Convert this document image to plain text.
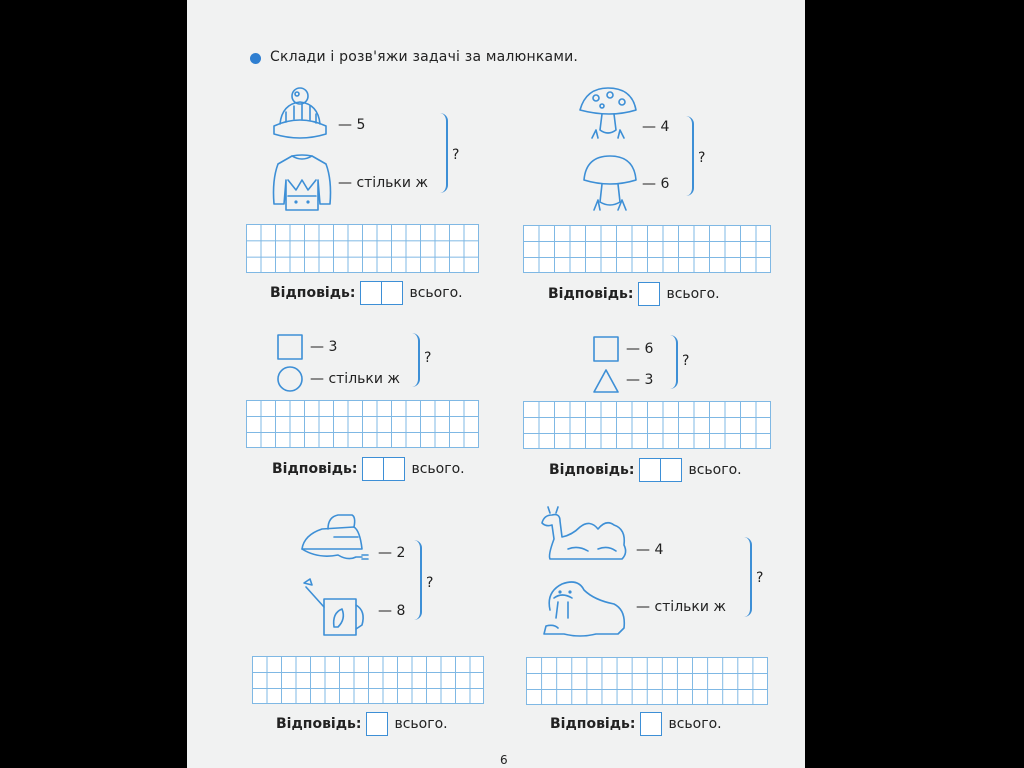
Склади і розв'яжи задачі за малюнками.
— 5
— стільки ж
?
Відповідь:	всього.
— 4
— 6
?
Відповідь: всього.
— 3
— стільки ж
?
Відповідь:	всього.
— 6
— 3
?
Відповідь:	всього.
— 2
— 8
?
Відповідь: всього.
— 4
— стільки ж
?
Відповідь: всього.
6
